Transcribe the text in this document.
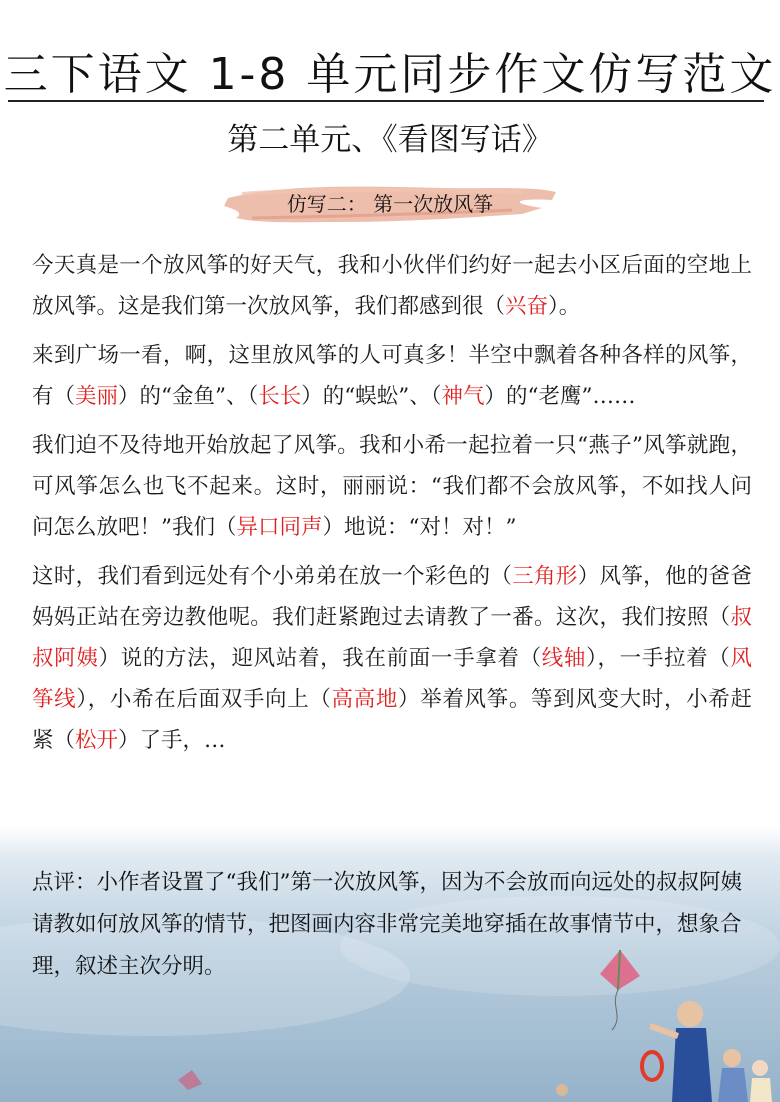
三下语文 1-8 单元同步作文仿写范文
第二单元、《看图写话》
仿写二： 第一次放风筝

今天真是一个放风筝的好天气，我和小伙伴们约好一起去小区后面的空地上放风筝。这是我们第一次放风筝，我们都感到很（兴奋）。

来到广场一看，啊，这里放风筝的人可真多！半空中飘着各种各样的风筝，有（美丽）的“金鱼”、（长长）的“蜈蚣”、（神气）的“老鹰”……

我们迫不及待地开始放起了风筝。我和小希一起拉着一只“燕子”风筝就跑，可风筝怎么也飞不起来。这时，丽丽说：“我们都不会放风筝，不如找人问问怎么放吧！”我们（异口同声）地说：“对！对！”

这时，我们看到远处有个小弟弟在放一个彩色的（三角形）风筝，他的爸爸妈妈正站在旁边教他呢。我们赶紧跑过去请教了一番。这次，我们按照（叔叔阿姨）说的方法，迎风站着，我在前面一手拿着（线轴），一手拉着（风筝线），小希在后面双手向上（高高地）举着风筝。等到风变大时，小希赶紧（松开）了手，…

点评：小作者设置了“我们”第一次放风筝，因为不会放而向远处的叔叔阿姨请教如何放风筝的情节，把图画内容非常完美地穿插在故事情节中，想象合理，叙述主次分明。
